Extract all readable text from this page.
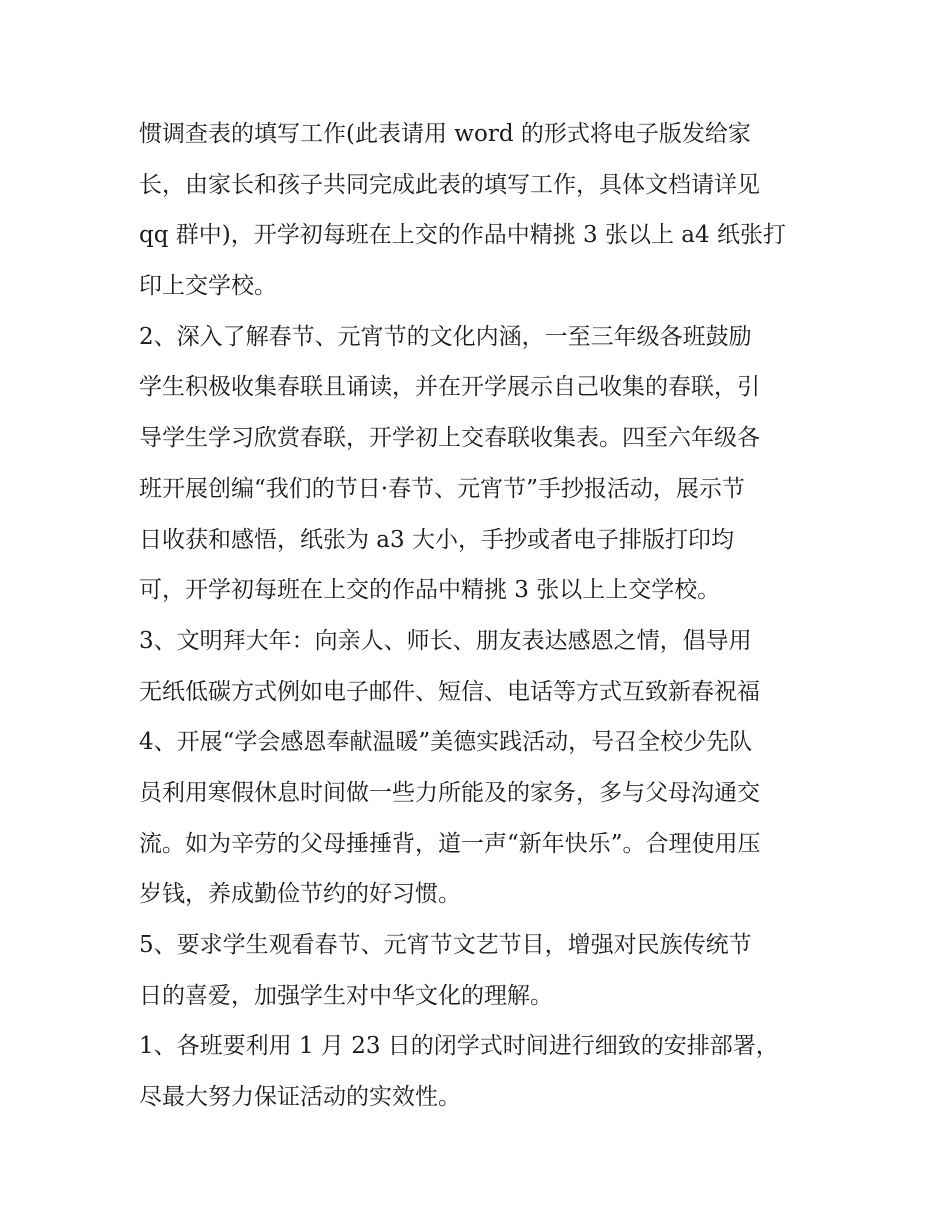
惯调查表的填写工作(此表请用 word 的形式将电子版发给家
长，由家长和孩子共同完成此表的填写工作，具体文档请详见
qq 群中)，开学初每班在上交的作品中精挑 3 张以上 a4 纸张打
印上交学校。
2、深入了解春节、元宵节的文化内涵，一至三年级各班鼓励
学生积极收集春联且诵读，并在开学展示自己收集的春联，引
导学生学习欣赏春联，开学初上交春联收集表。四至六年级各
班开展创编“我们的节日·春节、元宵节”手抄报活动，展示节
日收获和感悟，纸张为 a3 大小，手抄或者电子排版打印均
可，开学初每班在上交的作品中精挑 3 张以上上交学校。
3、文明拜大年：向亲人、师长、朋友表达感恩之情，倡导用
无纸低碳方式例如电子邮件、短信、电话等方式互致新春祝福
4、开展“学会感恩奉献温暖”美德实践活动，号召全校少先队
员利用寒假休息时间做一些力所能及的家务，多与父母沟通交
流。如为辛劳的父母捶捶背，道一声“新年快乐”。合理使用压
岁钱，养成勤俭节约的好习惯。
5、要求学生观看春节、元宵节文艺节目，增强对民族传统节
日的喜爱，加强学生对中华文化的理解。
1、各班要利用 1 月 23 日的闭学式时间进行细致的安排部署，
尽最大努力保证活动的实效性。
